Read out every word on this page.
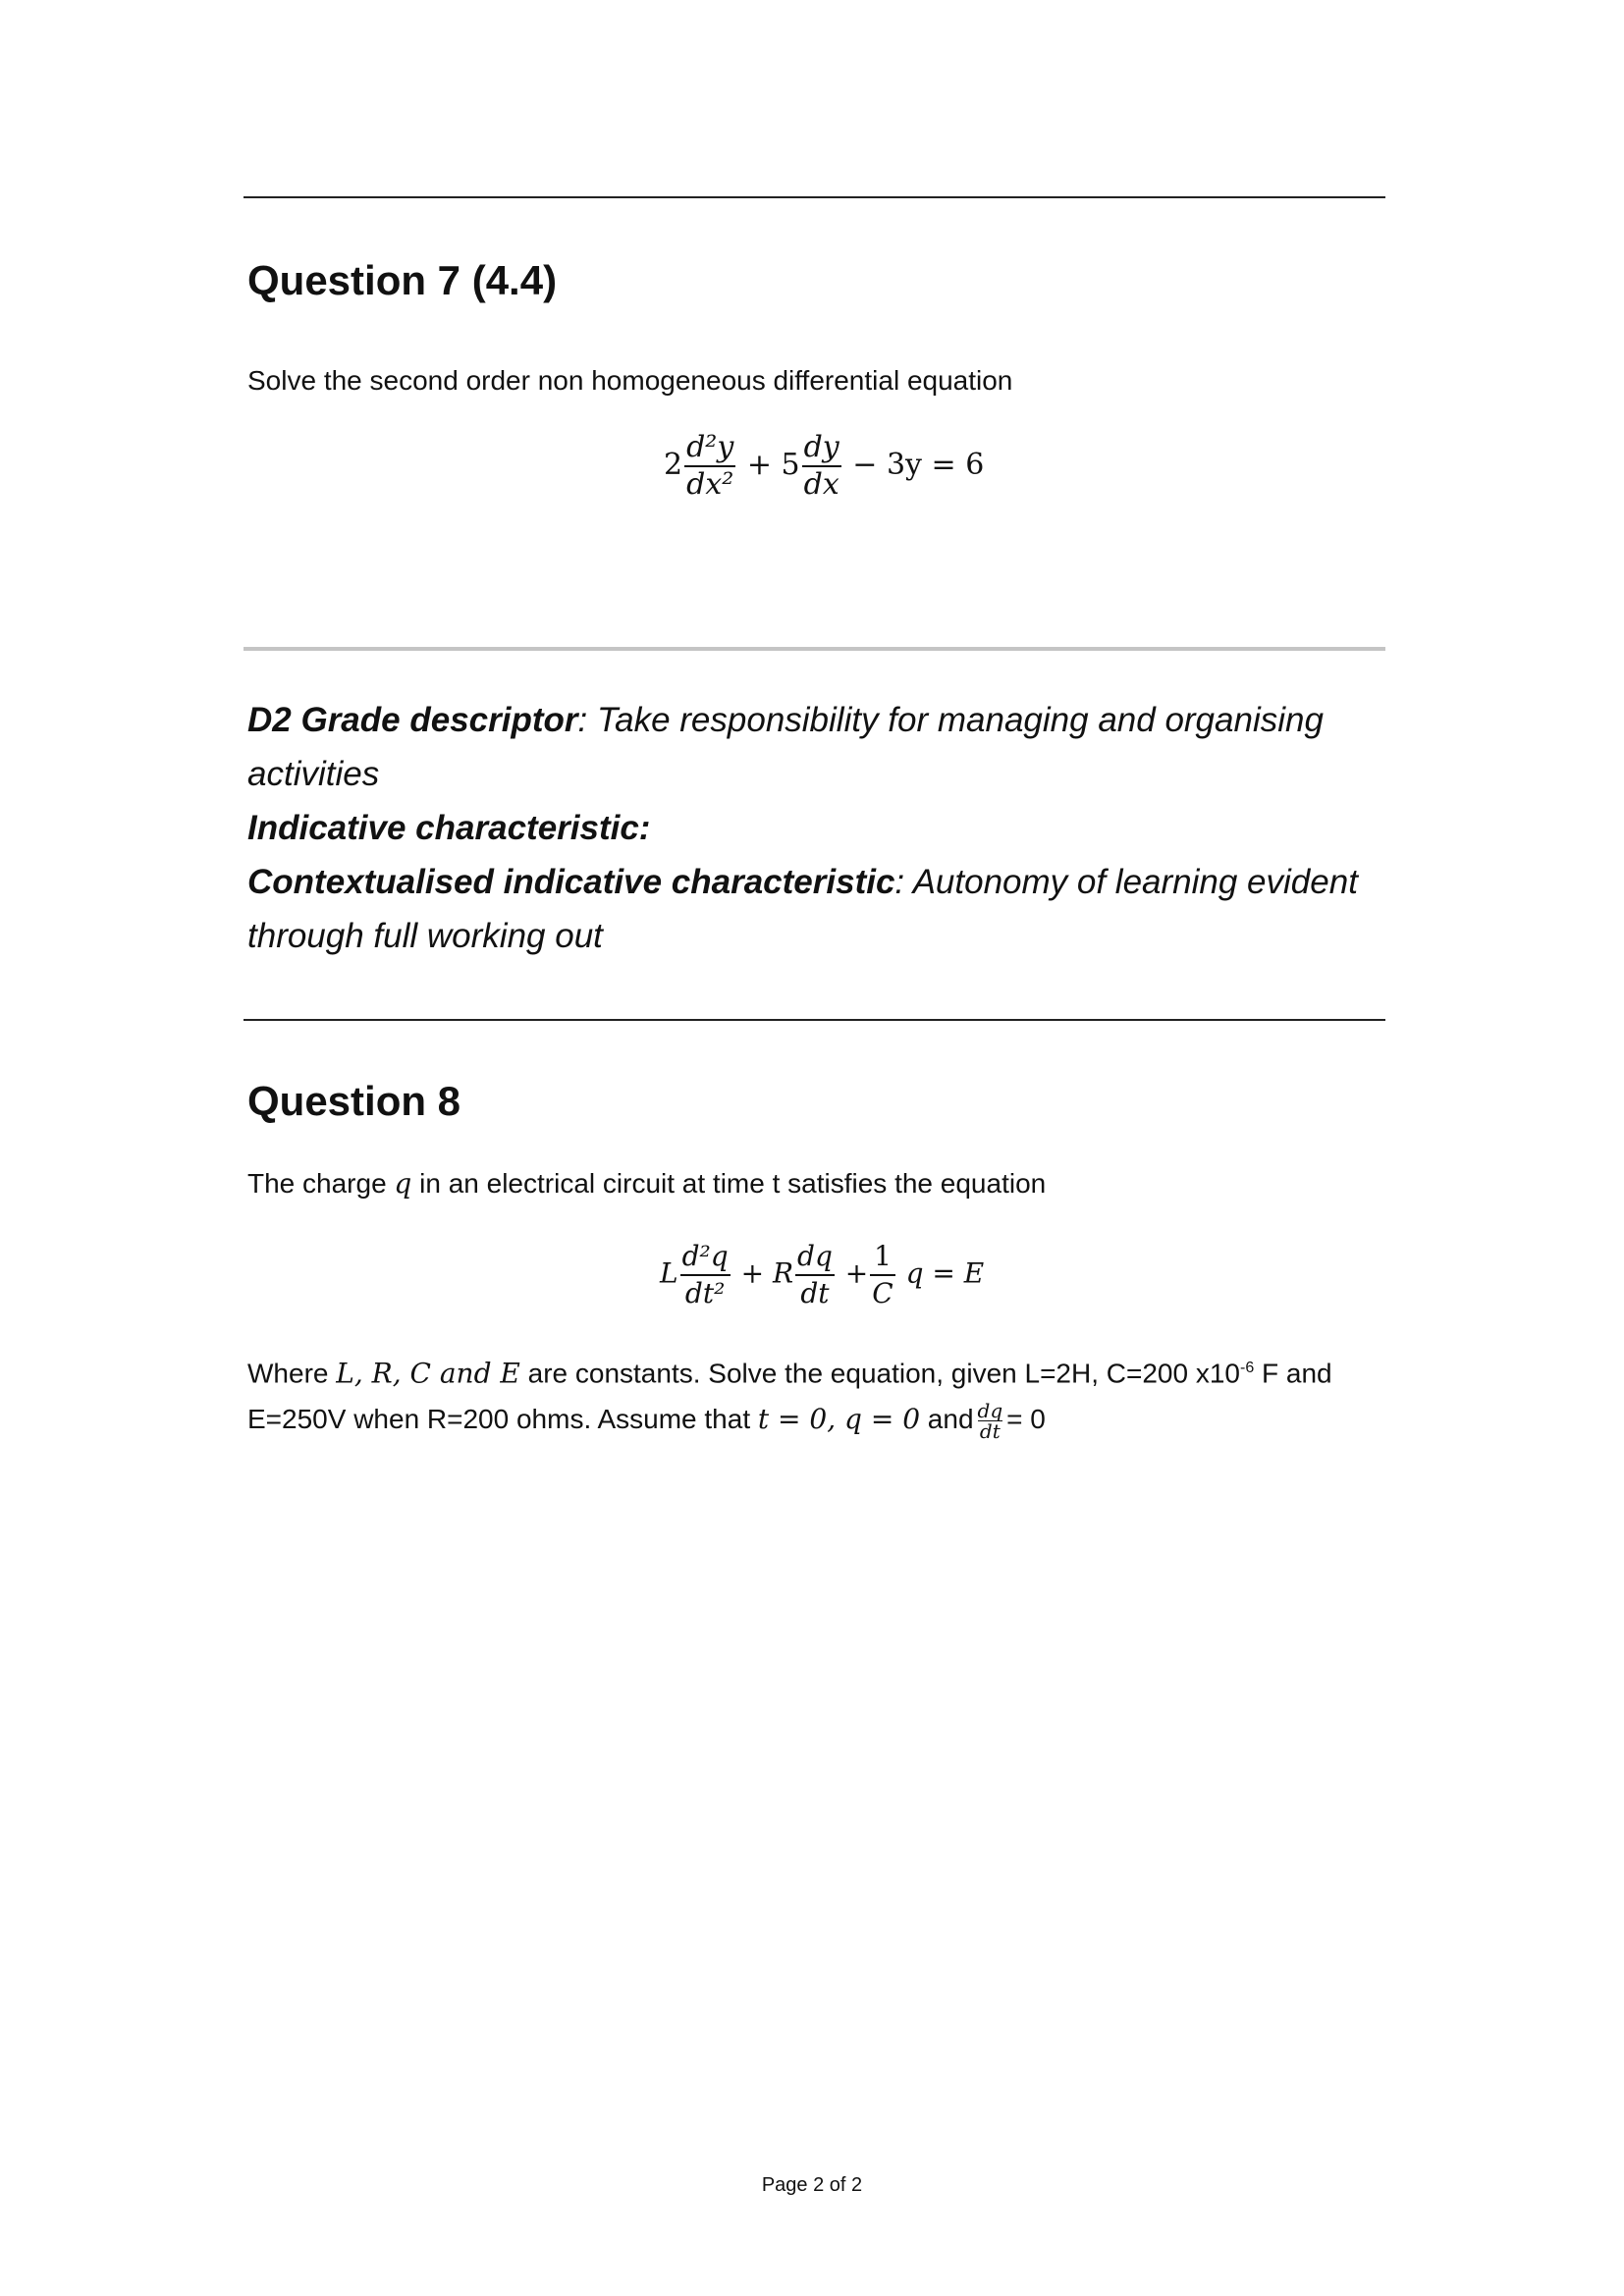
Question 7 (4.4)
Solve the second order non homogeneous differential equation
$2 \frac{\text{d²y}}{\text{dx²}} + 5 \frac{dy}{dx} - 3y = 6$
D2 Grade descriptor: Take responsibility for managing and organising activities
Indicative characteristic:
Contextualised indicative characteristic: Autonomy of learning evident through full working out
Question 8
The charge q in an electrical circuit at time t satisfies the equation
L $\frac{\text{d²q}}{\text{dt²}} + R \frac{dq}{dt} + \frac{1}{C}$ q = E
Where L, R, C and E are constants. Solve the equation, given L=2H, C=200 $x10^{-6}$ F and
E=250V when R=200 ohms. Assume that t = 0, q = 0 and $\frac{dq}{dt} = 0$
Page 2 of 2
